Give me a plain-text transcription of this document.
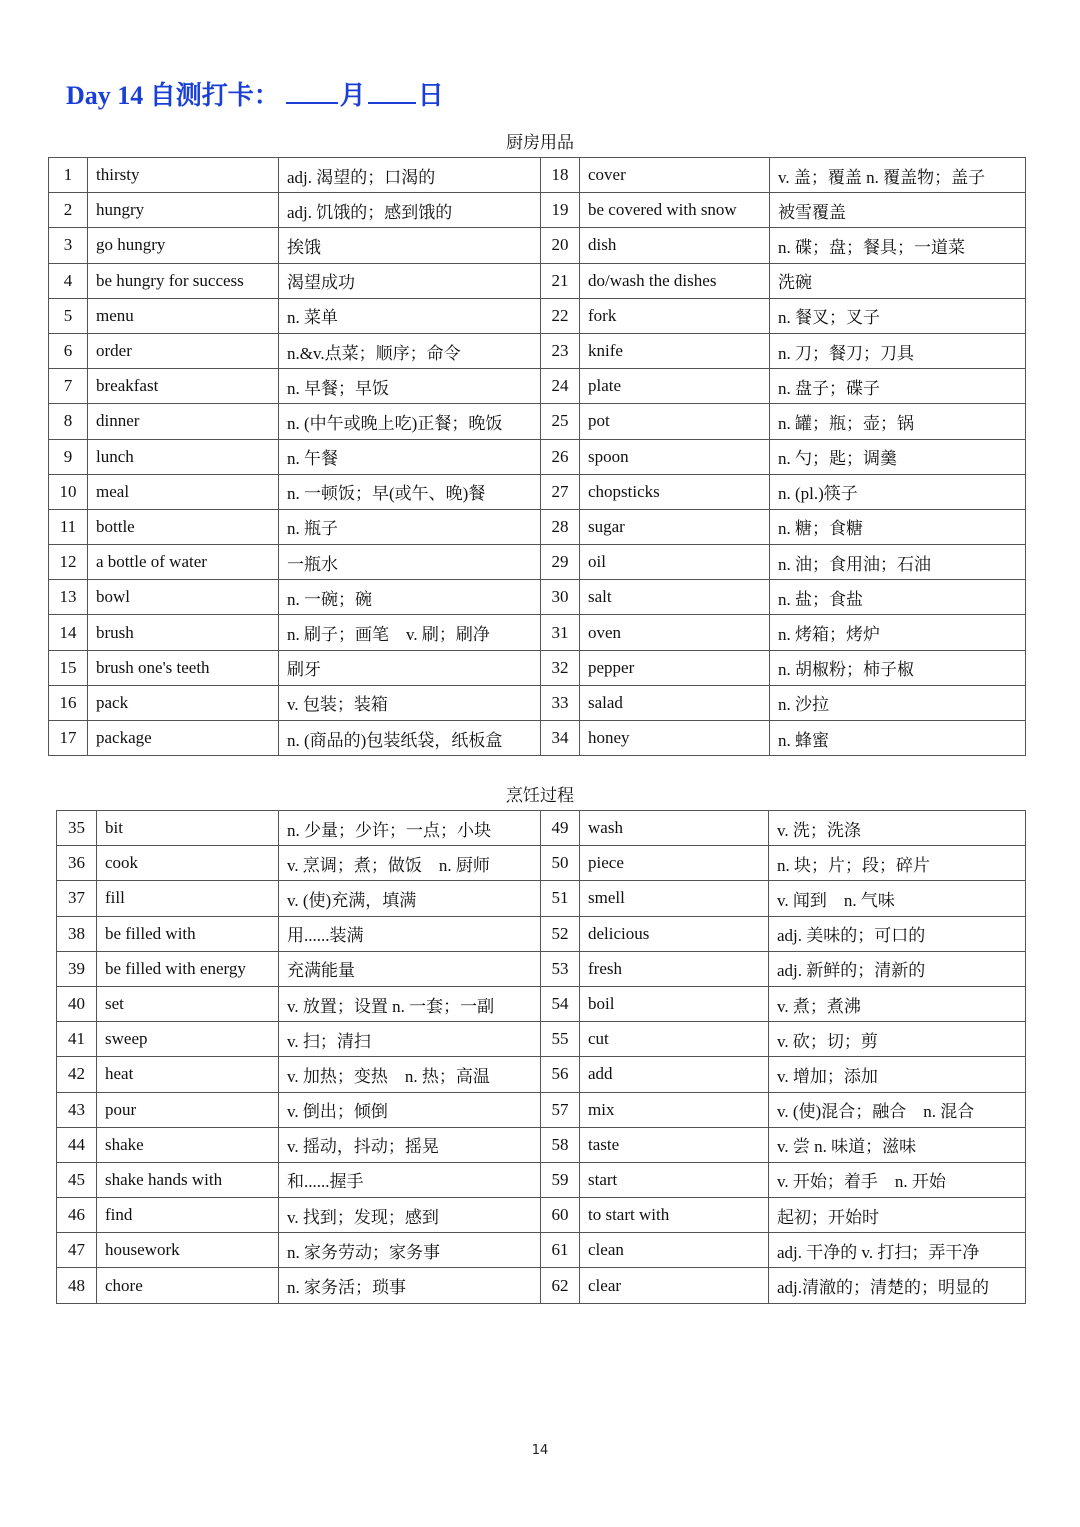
Day 14 自测打卡： 月 日
厨房用品
1	thirsty	adj. 渴望的；口渴的	18	cover	v. 盖；覆盖 n. 覆盖物；盖子
2	hungry	adj. 饥饿的；感到饿的	19	be covered with snow	被雪覆盖
3	go hungry	挨饿	20	dish	n. 碟；盘；餐具；一道菜
4	be hungry for success	渴望成功	21	do/wash the dishes	洗碗
5	menu	n. 菜单	22	fork	n. 餐叉；叉子
6	order	n.&v.点菜；顺序；命令	23	knife	n. 刀；餐刀；刀具
7	breakfast	n. 早餐；早饭	24	plate	n. 盘子；碟子
8	dinner	n. (中午或晚上吃)正餐；晚饭	25	pot	n. 罐；瓶；壶；锅
9	lunch	n. 午餐	26	spoon	n. 勺；匙；调羹
10	meal	n. 一顿饭；早(或午、晚)餐	27	chopsticks	n. (pl.)筷子
11	bottle	n. 瓶子	28	sugar	n. 糖；食糖
12	a bottle of water	一瓶水	29	oil	n. 油；食用油；石油
13	bowl	n. 一碗；碗	30	salt	n. 盐；食盐
14	brush	n. 刷子；画笔　v. 刷；刷净	31	oven	n. 烤箱；烤炉
15	brush one's teeth	刷牙	32	pepper	n. 胡椒粉；柿子椒
16	pack	v. 包装；装箱	33	salad	n. 沙拉
17	package	n. (商品的)包装纸袋，纸板盒	34	honey	n. 蜂蜜
烹饪过程
35	bit	n. 少量；少许；一点；小块	49	wash	v. 洗；洗涤
36	cook	v. 烹调；煮；做饭　n. 厨师	50	piece	n. 块；片；段；碎片
37	fill	v. (使)充满，填满	51	smell	v. 闻到　n. 气味
38	be filled with	用......装满	52	delicious	adj. 美味的；可口的
39	be filled with energy	充满能量	53	fresh	adj. 新鲜的；清新的
40	set	v. 放置；设置 n. 一套；一副	54	boil	v. 煮；煮沸
41	sweep	v. 扫；清扫	55	cut	v. 砍；切；剪
42	heat	v. 加热；变热　n. 热；高温	56	add	v. 增加；添加
43	pour	v. 倒出；倾倒	57	mix	v. (使)混合；融合　n. 混合
44	shake	v. 摇动，抖动；摇晃	58	taste	v. 尝 n. 味道；滋味
45	shake hands with	和......握手	59	start	v. 开始；着手　n. 开始
46	find	v. 找到；发现；感到	60	to start with	起初；开始时
47	housework	n. 家务劳动；家务事	61	clean	adj. 干净的 v. 打扫；弄干净
48	chore	n. 家务活；琐事	62	clear	adj.清澈的；清楚的；明显的
14
